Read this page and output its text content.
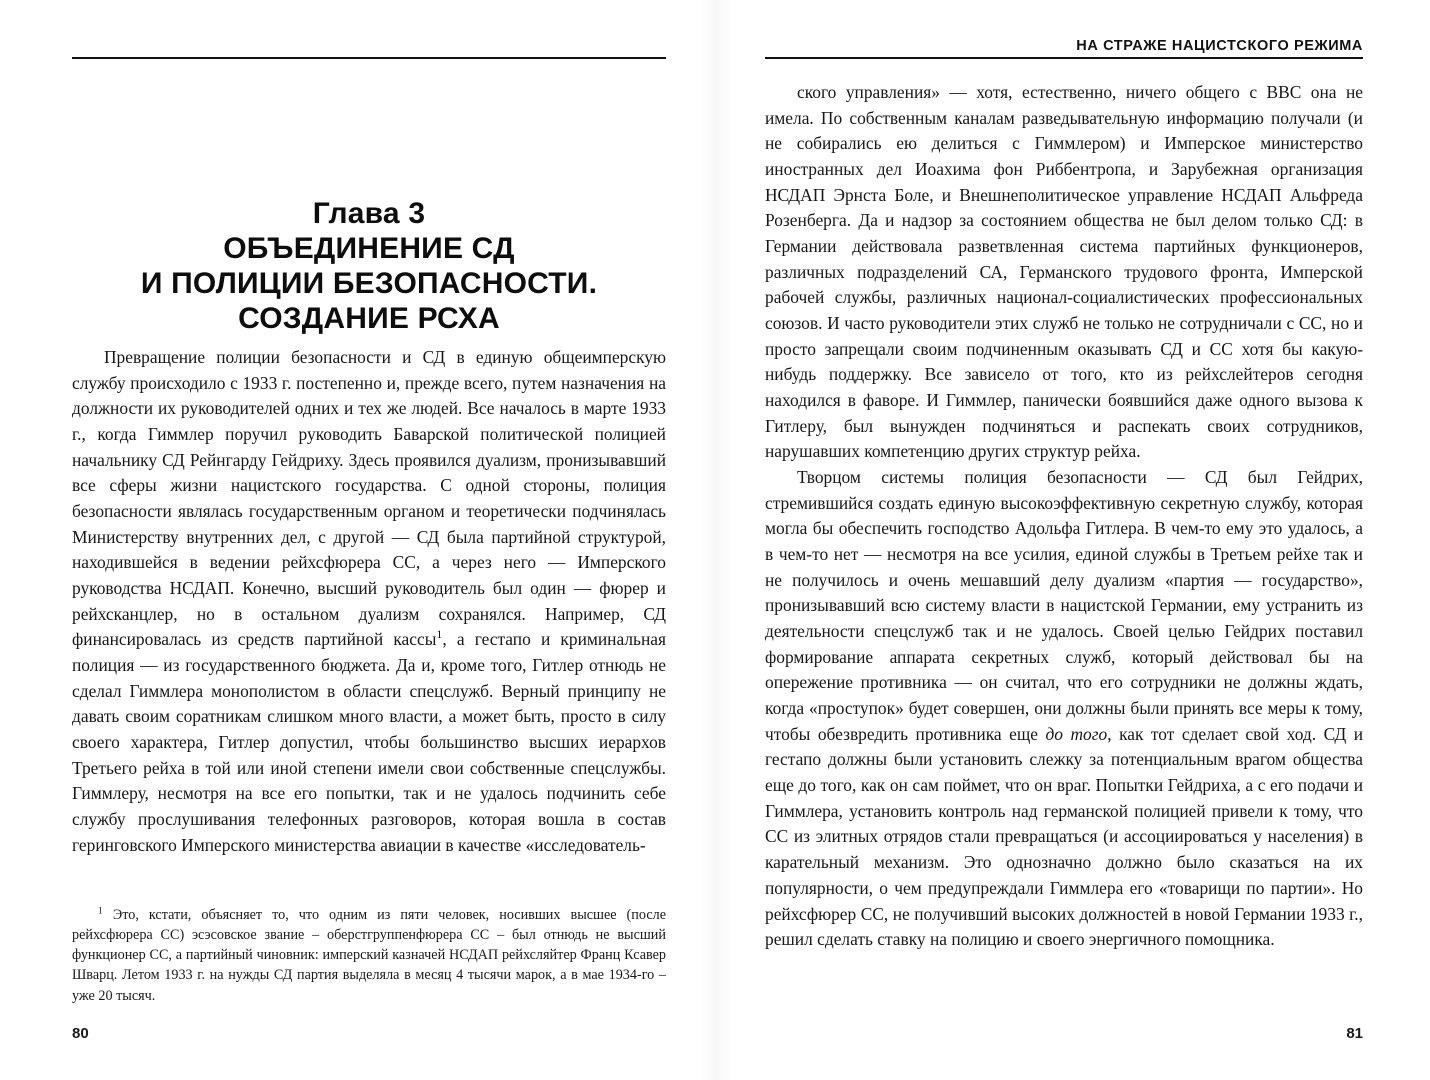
Глава 3
ОБЪЕДИНЕНИЕ СД
И ПОЛИЦИИ БЕЗОПАСНОСТИ.
СОЗДАНИЕ РСХА

Превращение полиции безопасности и СД в единую общеимперскую службу происходило с 1933 г. постепенно и, прежде всего, путем назначения на должности их руководителей одних и тех же людей. Все началось в марте 1933 г., когда Гиммлер поручил руководить Баварской политической полицией начальнику СД Рейнгарду Гейдриху. Здесь проявился дуализм, пронизывавший все сферы жизни нацистского государства. С одной стороны, полиция безопасности являлась государственным органом и теоретически подчинялась Министерству внутренних дел, с другой — СД была партийной структурой, находившейся в ведении рейхсфюрера СС, а через него — Имперского руководства НСДАП. Конечно, высший руководитель был один — фюрер и рейхсканцлер, но в остальном дуализм сохранялся. Например, СД финансировалась из средств партийной кассы$^1$, а гестапо и криминальная полиция — из государственного бюджета. Да и, кроме того, Гитлер отнюдь не сделал Гиммлера монополистом в области спецслужб. Верный принципу не давать своим соратникам слишком много власти, а может быть, просто в силу своего характера, Гитлер допустил, чтобы большинство высших иерархов Третьего рейха в той или иной степени имели свои собственные спецслужбы. Гиммлеру, несмотря на все его попытки, так и не удалось подчинить себе службу прослушивания телефонных разговоров, которая вошла в состав геринговского Имперского министерства авиации в качестве «исследователь-

$^1$ Это, кстати, объясняет то, что одним из пяти человек, носивших высшее (после рейхсфюрера СС) эсэсовское звание – оберстгруппенфюрера СС – был отнюдь не высший функционер СС, а партийный чиновник: имперский казначей НСДАП рейхсляйтер Франц Ксавер Шварц. Летом 1933 г. на нужды СД партия выделяла в месяц 4 тысячи марок, а в мае 1934-го – уже 20 тысяч.

80
НА СТРАЖЕ НАЦИСТСКОГО РЕЖИМА

ского управления» — хотя, естественно, ничего общего с ВВС она не имела. По собственным каналам разведывательную информацию получали (и не собирались ею делиться с Гиммлером) и Имперское министерство иностранных дел Иоахима фон Риббентропа, и Зарубежная организация НСДАП Эрнста Боле, и Внешнеполитическое управление НСДАП Альфреда Розенберга. Да и надзор за состоянием общества не был делом только СД: в Германии действовала разветвленная система партийных функционеров, различных подразделений СА, Германского трудового фронта, Имперской рабочей службы, различных национал-социалистических профессиональных союзов. И часто руководители этих служб не только не сотрудничали с СС, но и просто запрещали своим подчиненным оказывать СД и СС хотя бы какую-нибудь поддержку. Все зависело от того, кто из рейхслейтеров сегодня находился в фаворе. И Гиммлер, панически боявшийся даже одного вызова к Гитлеру, был вынужден подчиняться и распекать своих сотрудников, нарушавших компетенцию других структур рейха.

Творцом системы полиция безопасности — СД был Гейдрих, стремившийся создать единую высокоэффективную секретную службу, которая могла бы обеспечить господство Адольфа Гитлера. В чем-то ему это удалось, а в чем-то нет — несмотря на все усилия, единой службы в Третьем рейхе так и не получилось и очень мешавший делу дуализм «партия — государство», пронизывавший всю систему власти в нацистской Германии, ему устранить из деятельности спецслужб так и не удалось. Своей целью Гейдрих поставил формирование аппарата секретных служб, который действовал бы на опережение противника — он считал, что его сотрудники не должны ждать, когда «проступок» будет совершен, они должны были принять все меры к тому, чтобы обезвредить противника еще до того, как тот сделает свой ход. СД и гестапо должны были установить слежку за потенциальным врагом общества еще до того, как он сам поймет, что он враг. Попытки Гейдриха, а с его подачи и Гиммлера, установить контроль над германской полицией привели к тому, что СС из элитных отрядов стали превращаться (и ассоциироваться у населения) в карательный механизм. Это однозначно должно было сказаться на их популярности, о чем предупреждали Гиммлера его «товарищи по партии». Но рейхсфюрер СС, не получивший высоких должностей в новой Германии 1933 г., решил сделать ставку на полицию и своего энергичного помощника.

81
